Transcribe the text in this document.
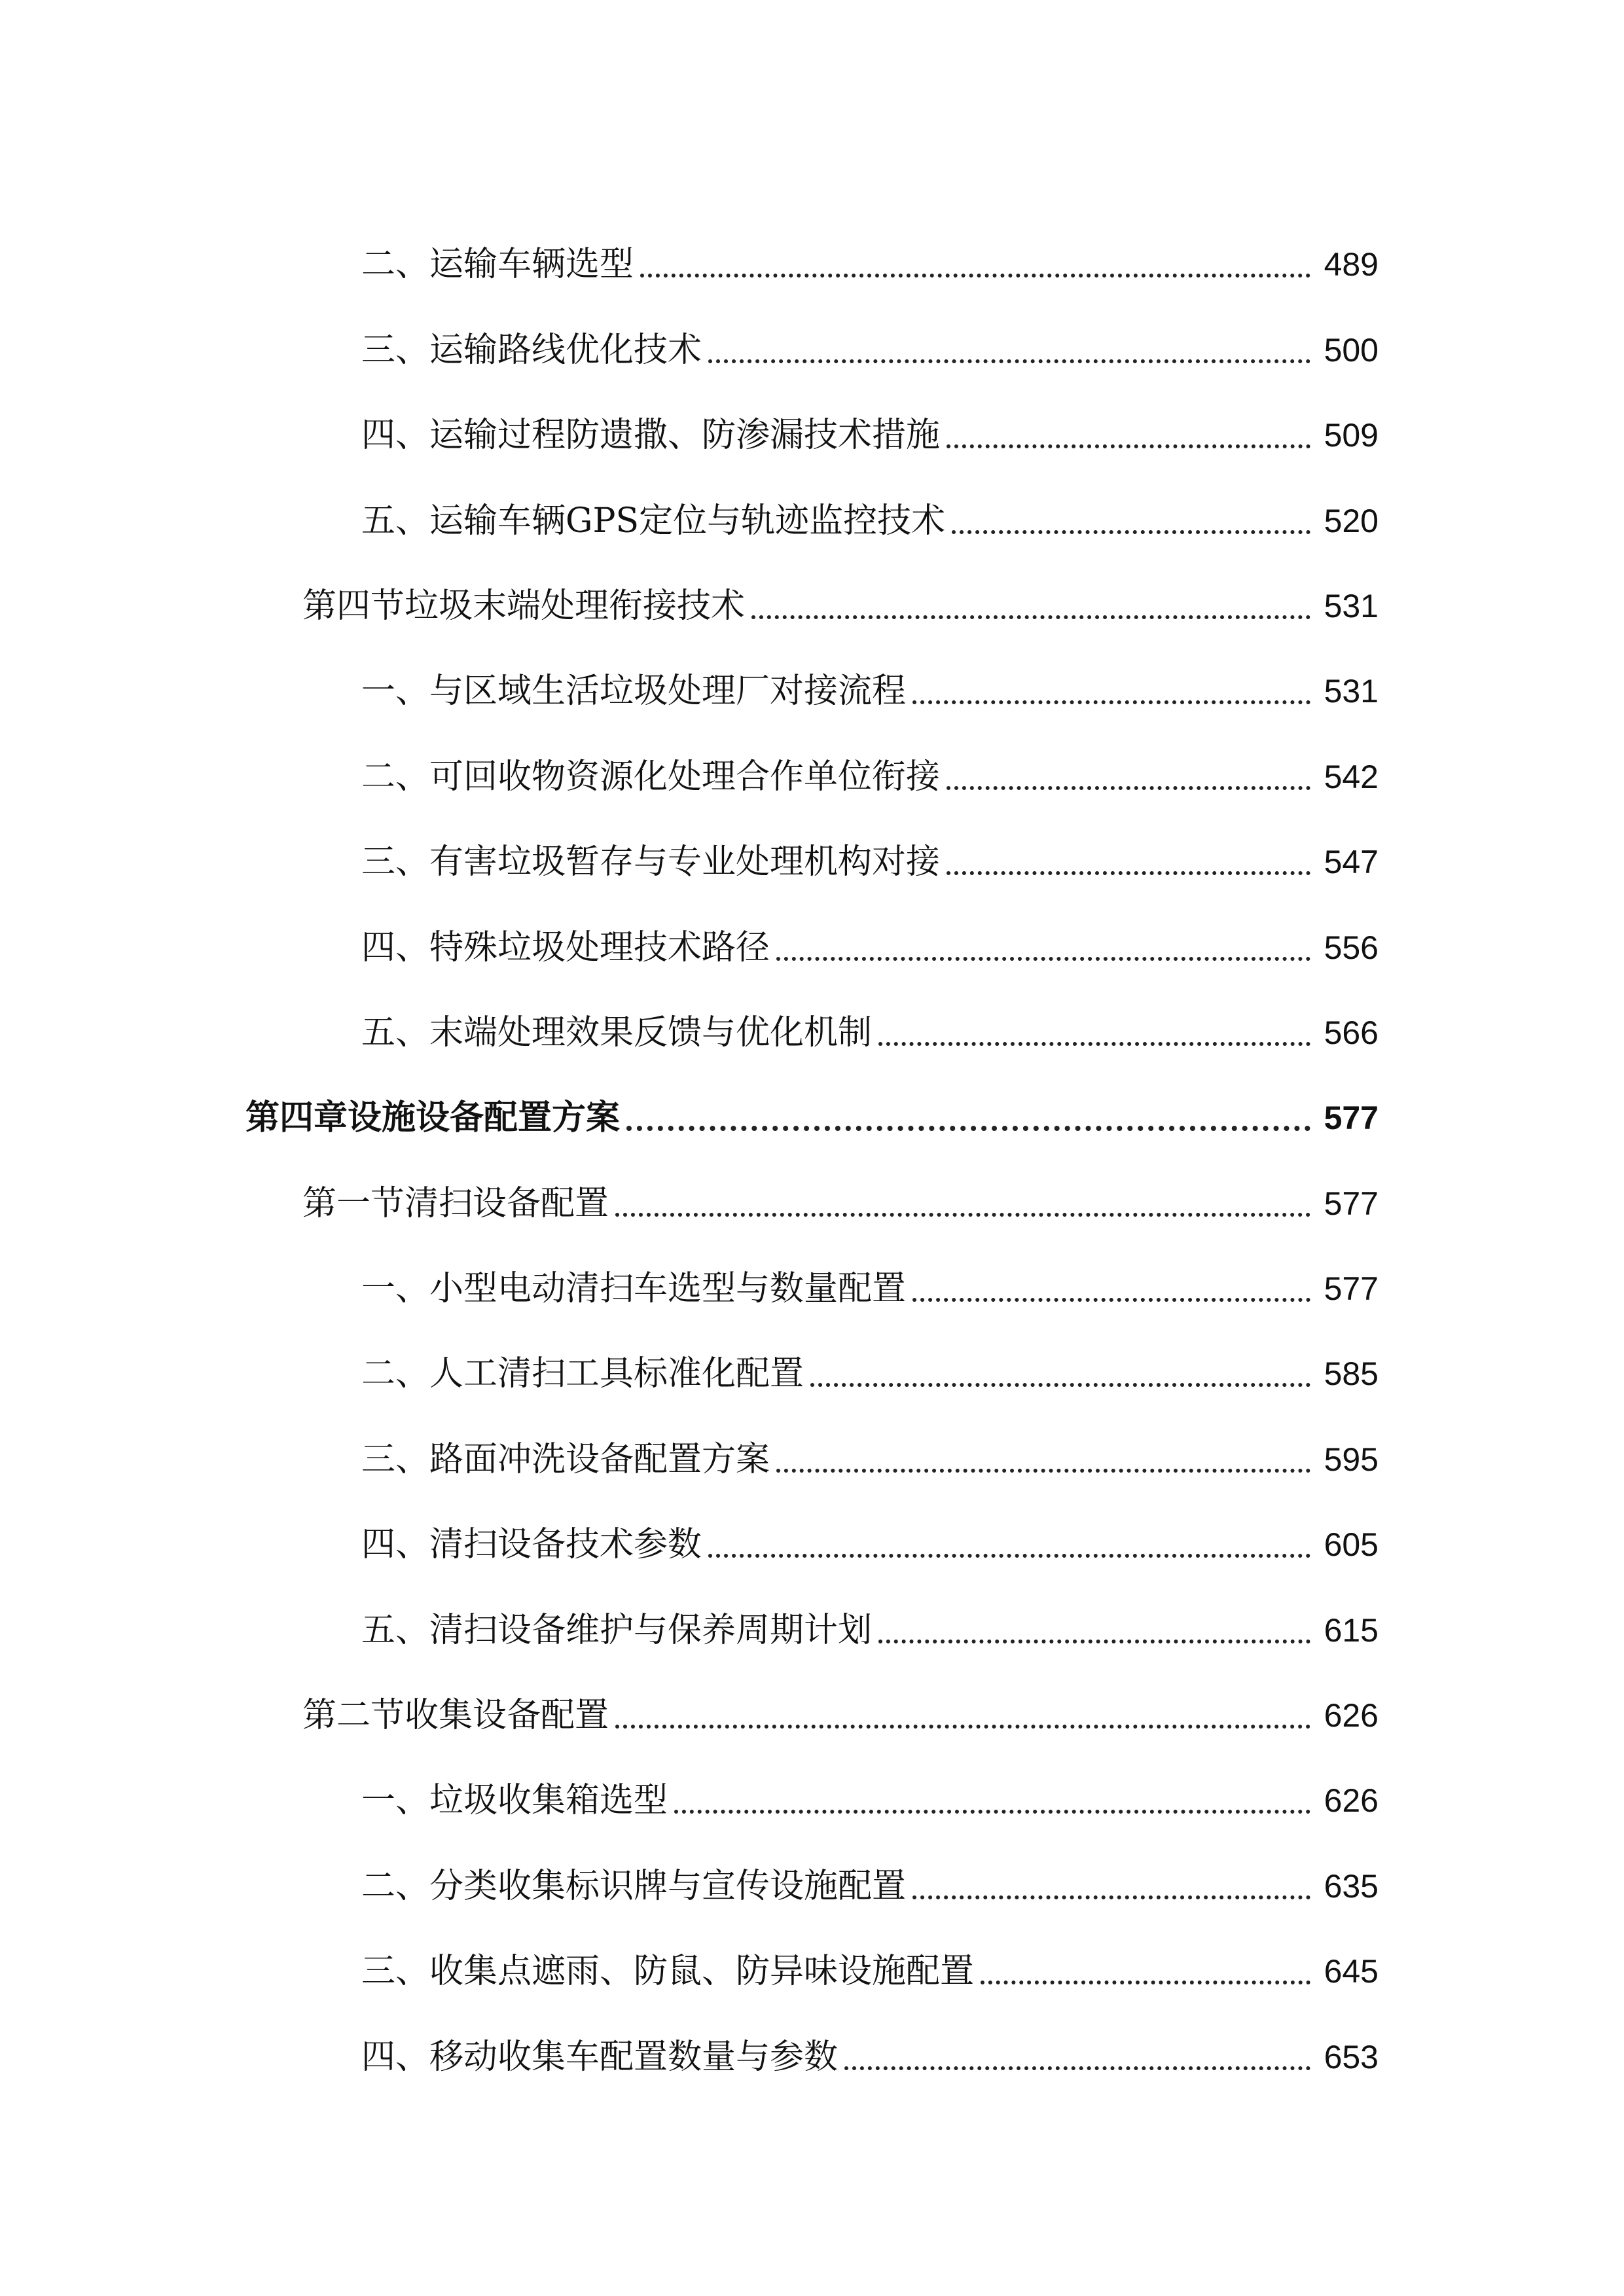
二、运输车辆选型	489
三、运输路线优化技术	500
四、运输过程防遗撒、防渗漏技术措施	509
五、运输车辆GPS定位与轨迹监控技术	520
第四节垃圾末端处理衔接技术	531
一、与区域生活垃圾处理厂对接流程	531
二、可回收物资源化处理合作单位衔接	542
三、有害垃圾暂存与专业处理机构对接	547
四、特殊垃圾处理技术路径	556
五、末端处理效果反馈与优化机制	566
第四章设施设备配置方案	577
第一节清扫设备配置	577
一、小型电动清扫车选型与数量配置	577
二、人工清扫工具标准化配置	585
三、路面冲洗设备配置方案	595
四、清扫设备技术参数	605
五、清扫设备维护与保养周期计划	615
第二节收集设备配置	626
一、垃圾收集箱选型	626
二、分类收集标识牌与宣传设施配置	635
三、收集点遮雨、防鼠、防异味设施配置	645
四、移动收集车配置数量与参数	653
